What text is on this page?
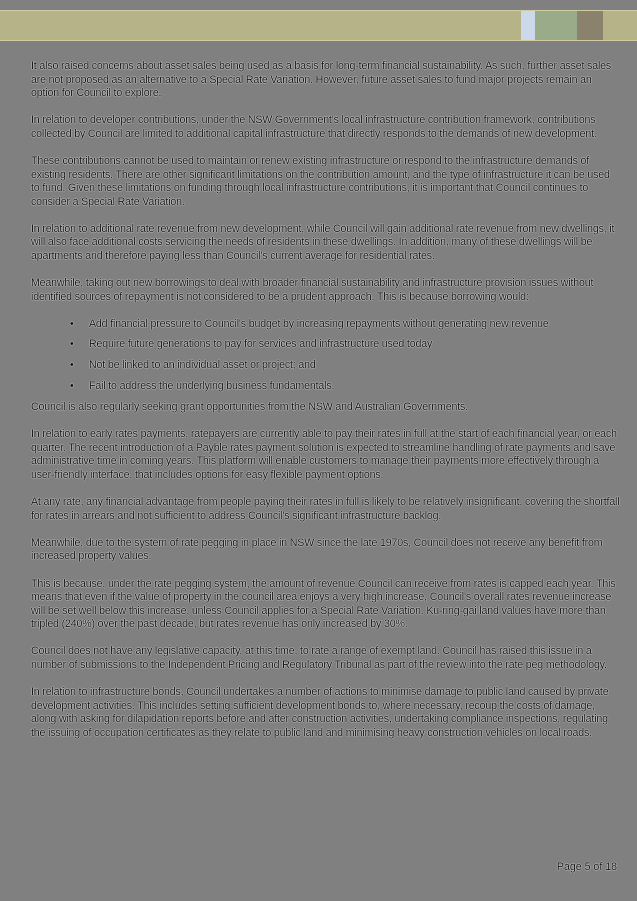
It also raised concerns about asset sales being used as a basis for long-term financial sustainability. As such, further asset sales are not proposed as an alternative to a Special Rate Variation. However, future asset sales to fund major projects remain an option for Council to explore.

In relation to developer contributions, under the NSW Government's local infrastructure contribution framework, contributions collected by Council are limited to additional capital infrastructure that directly responds to the demands of new development.

These contributions cannot be used to maintain or renew existing infrastructure or respond to the infrastructure demands of existing residents. There are other significant limitations on the contribution amount, and the type of infrastructure it can be used to fund. Given these limitations on funding through local infrastructure contributions, it is important that Council continues to consider a Special Rate Variation.

In relation to additional rate revenue from new development, while Council will gain additional rate revenue from new dwellings, it will also face additional costs servicing the needs of residents in these dwellings. In addition, many of these dwellings will be apartments and therefore paying less than Council's current average for residential rates.

Meanwhile, taking out new borrowings to deal with broader financial sustainability and infrastructure provision issues without identified sources of repayment is not considered to be a prudent approach. This is because borrowing would:

• Add financial pressure to Council's budget by increasing repayments without generating new revenue
• Require future generations to pay for services and infrastructure used today
• Not be linked to an individual asset or project; and
• Fail to address the underlying business fundamentals.

Council is also regularly seeking grant opportunities from the NSW and Australian Governments.

In relation to early rates payments, ratepayers are currently able to pay their rates in full at the start of each financial year, or each quarter. The recent introduction of a Payble rates payment solution is expected to streamline handling of rate payments and save administrative time in coming years. This platform will enable customers to manage their payments more effectively through a user-friendly interface, that includes options for easy flexible payment options.

At any rate, any financial advantage from people paying their rates in full is likely to be relatively insignificant, covering the shortfall for rates in arrears and not sufficient to address Council's significant infrastructure backlog.

Meanwhile, due to the system of rate pegging in place in NSW since the late 1970s, Council does not receive any benefit from increased property values.

This is because, under the rate pegging system, the amount of revenue Council can receive from rates is capped each year. This means that even if the value of property in the council area enjoys a very high increase, Council's overall rates revenue increase will be set well below this increase, unless Council applies for a Special Rate Variation. Ku-ring-gai land values have more than tripled (240%) over the past decade, but rates revenue has only increased by 30%.

Council does not have any legislative capacity, at this time, to rate a range of exempt land. Council has raised this issue in a number of submissions to the Independent Pricing and Regulatory Tribunal as part of the review into the rate peg methodology.

In relation to infrastructure bonds, Council undertakes a number of actions to minimise damage to public land caused by private development activities. This includes setting sufficient development bonds to, where necessary, recoup the costs of damage, along with asking for dilapidation reports before and after construction activities, undertaking compliance inspections, regulating the issuing of occupation certificates as they relate to public land and minimising heavy construction vehicles on local roads.

Page 5 of 18
